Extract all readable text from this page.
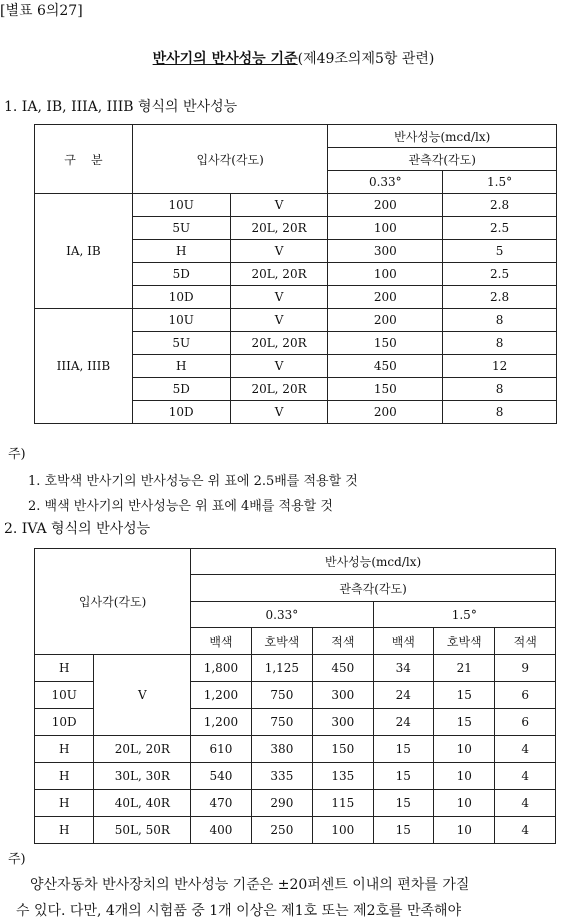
[별표 6의27]
반사기의 반사성능 기준(제49조의제5항 관련)
1. IA, IB, IIIA, IIIB 형식의 반사성능
구    분	입사각(각도)		반사성능(mcd/lx)	
			관측각(각도)	
			0.33°	1.5°
IA, IB	10U	V	200	2.8
	5U	20L, 20R	100	2.5
	H	V	300	5
	5D	20L, 20R	100	2.5
	10D	V	200	2.8
IIIA, IIIB	10U	V	200	8
	5U	20L, 20R	150	8
	H	V	450	12
	5D	20L, 20R	150	8
	10D	V	200	8
주)
1. 호박색 반사기의 반사성능은 위 표에 2.5배를 적용할 것
2. 백색 반사기의 반사성능은 위 표에 4배를 적용할 것
2. IVA 형식의 반사성능
입사각(각도)		반사성능(mcd/lx)					
		관측각(각도)					
		0.33°			1.5°		
		백색	호박색	적색	백색	호박색	적색
H	V	1,800	1,125	450	34	21	9
10U		1,200	750	300	24	15	6
10D		1,200	750	300	24	15	6
H	20L, 20R	610	380	150	15	10	4
H	30L, 30R	540	335	135	15	10	4
H	40L, 40R	470	290	115	15	10	4
H	50L, 50R	400	250	100	15	10	4
주)
양산자동차 반사장치의 반사성능 기준은 ±20퍼센트 이내의 편차를 가질
수 있다. 다만, 4개의 시험품 중 1개 이상은 제1호 또는 제2호를 만족해야
